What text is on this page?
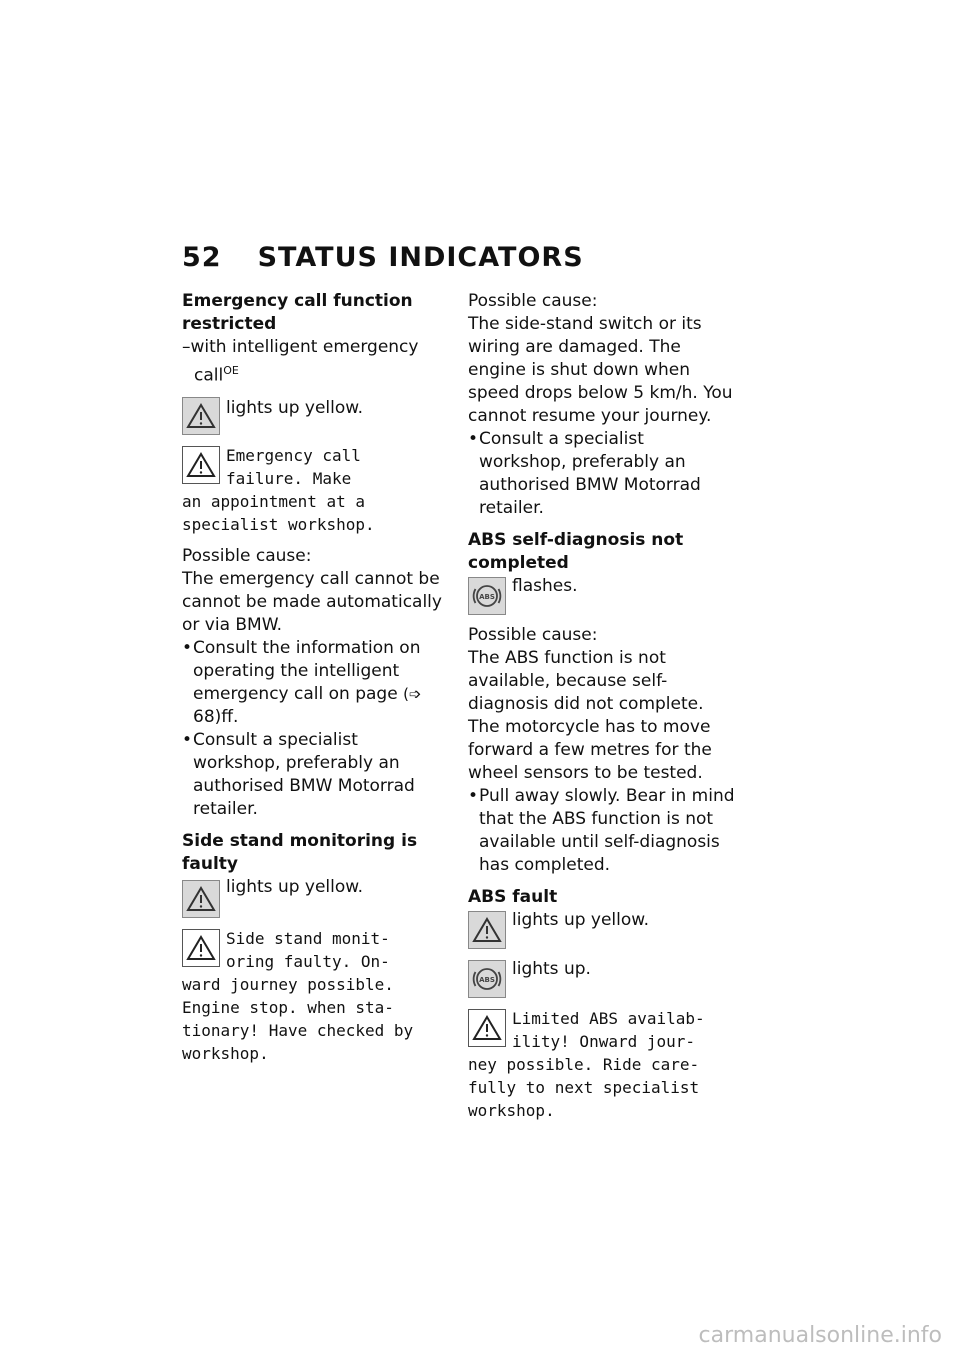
52 STATUS INDICATORS

Emergency call function restricted

–with intelligent emergency call$^{OE}$
lights up yellow.
Emergency call
failure. Make
an appointment at a
specialist workshop.
Possible cause:
The emergency call cannot be cannot be made automatically or via BMW.
• Consult the information on operating the intelligent emergency call on page (➩ 68)ff.
• Consult a specialist workshop, preferably an authorised BMW Motorrad retailer.

Side stand monitoring is faulty

lights up yellow.
Side stand monit-
oring faulty. On-
ward journey possible.
Engine stop. when sta-
tionary! Have checked by
workshop.
Possible cause:
The side-stand switch or its wiring are damaged. The engine is shut down when speed drops below 5 km/h. You cannot resume your journey.
• Consult a specialist workshop, preferably an authorised BMW Motorrad retailer.

ABS self-diagnosis not completed

ABS
flashes.
Possible cause:
The ABS function is not available, because self-diagnosis did not complete. The motorcycle has to move forward a few metres for the wheel sensors to be tested.
• Pull away slowly. Bear in mind that the ABS function is not available until self-diagnosis has completed.

ABS fault

lights up yellow.
ABS
lights up.
Limited ABS availab-
ility! Onward jour-
ney possible. Ride care-
fully to next specialist
workshop.
carmanualsonline.info
